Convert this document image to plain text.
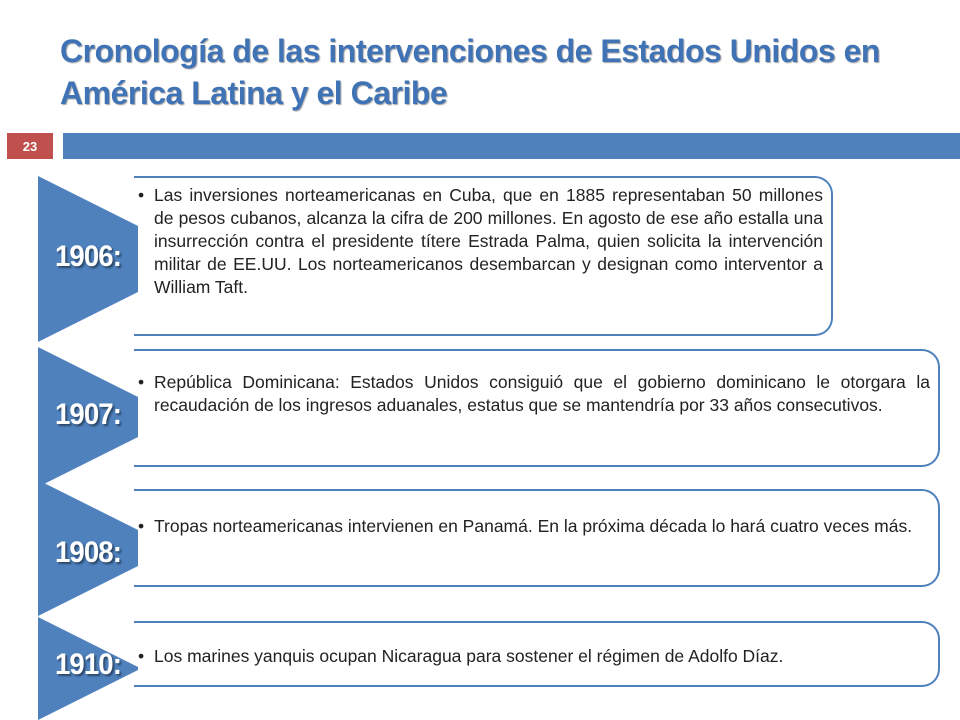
Cronología de las intervenciones de Estados Unidos en América Latina y el Caribe
23
• Las inversiones norteamericanas en Cuba, que en 1885 representaban 50 millones de pesos cubanos, alcanza la cifra de 200 millones. En agosto de ese año estalla una insurrección contra el presidente títere Estrada Palma, quien solicita la intervención militar de EE.UU. Los norteamericanos desembarcan y designan como interventor a William Taft.
1906:
• República Dominicana: Estados Unidos consiguió que el gobierno dominicano le otorgara la recaudación de los ingresos aduanales, estatus que se mantendría por 33 años consecutivos.
1907:
• Tropas norteamericanas intervienen en Panamá. En la próxima década lo hará cuatro veces más.
1908:
• Los marines yanquis ocupan Nicaragua para sostener el régimen de Adolfo Díaz.
1910:
